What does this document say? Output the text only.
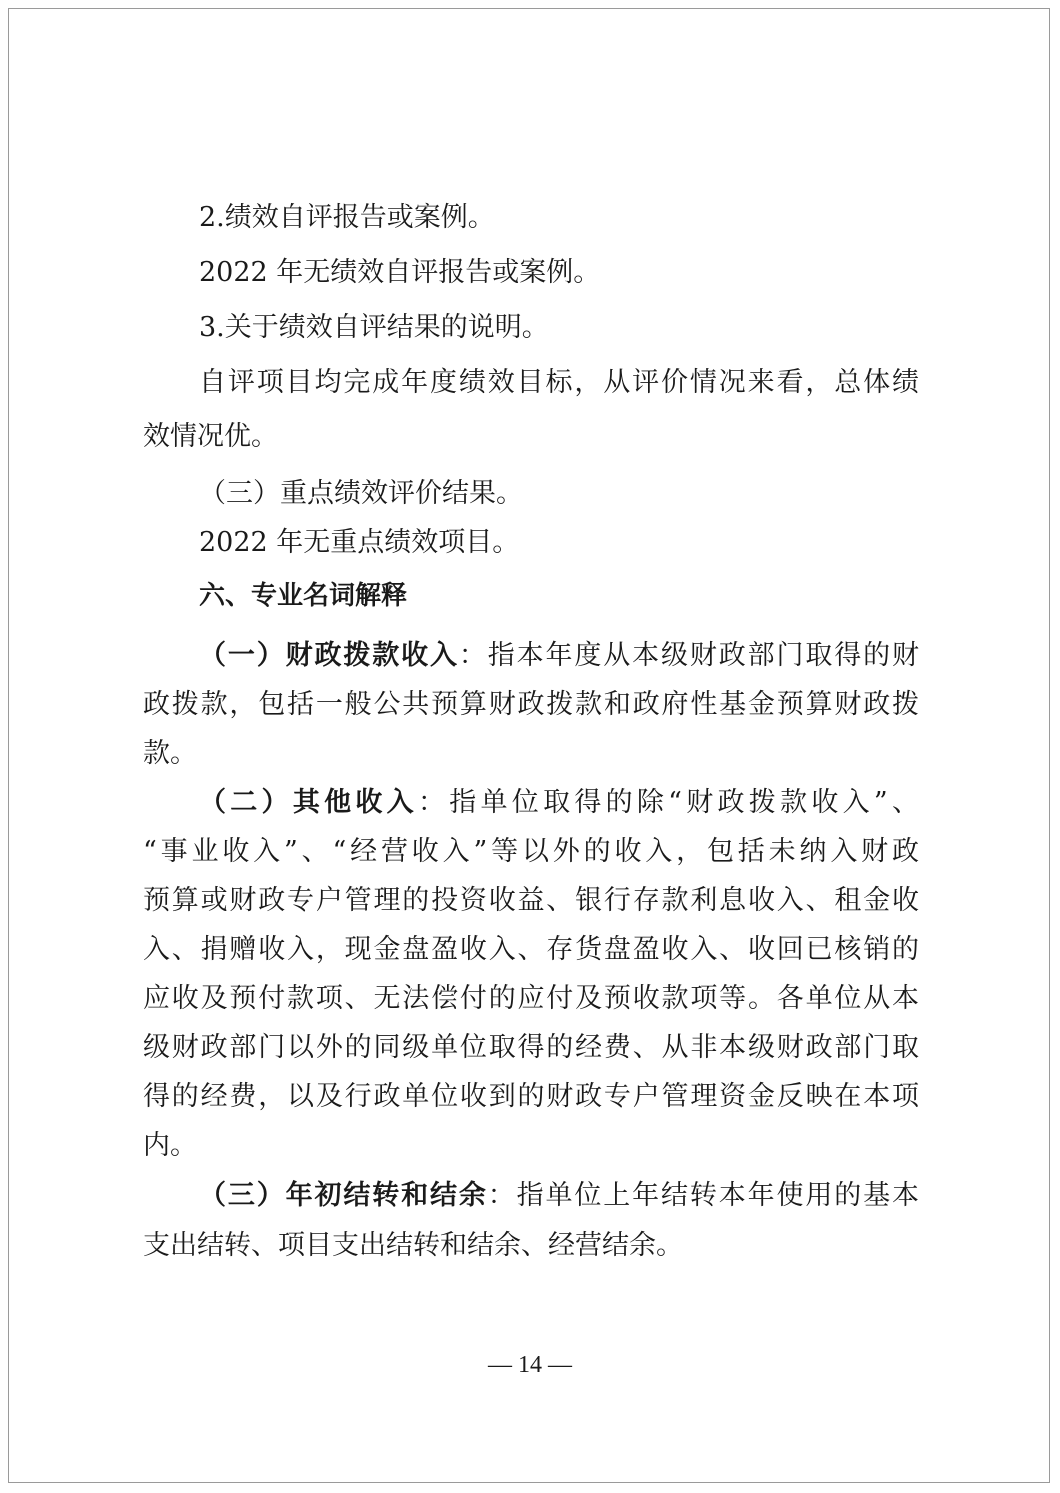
2.绩效自评报告或案例。
2022 年无绩效自评报告或案例。
3.关于绩效自评结果的说明。
自评项目均完成年度绩效目标，从评价情况来看，总体绩
效情况优。
（三）重点绩效评价结果。
2022 年无重点绩效项目。
六、专业名词解释
（一）财政拨款收入：指本年度从本级财政部门取得的财
政拨款，包括一般公共预算财政拨款和政府性基金预算财政拨
款。
（二）其他收入：指单位取得的除“财政拨款收入”、
“事业收入”、“经营收入”等以外的收入，包括未纳入财政
预算或财政专户管理的投资收益、银行存款利息收入、租金收
入、捐赠收入，现金盘盈收入、存货盘盈收入、收回已核销的
应收及预付款项、无法偿付的应付及预收款项等。各单位从本
级财政部门以外的同级单位取得的经费、从非本级财政部门取
得的经费，以及行政单位收到的财政专户管理资金反映在本项
内。
（三）年初结转和结余：指单位上年结转本年使用的基本
支出结转、项目支出结转和结余、经营结余。
— 14 —
